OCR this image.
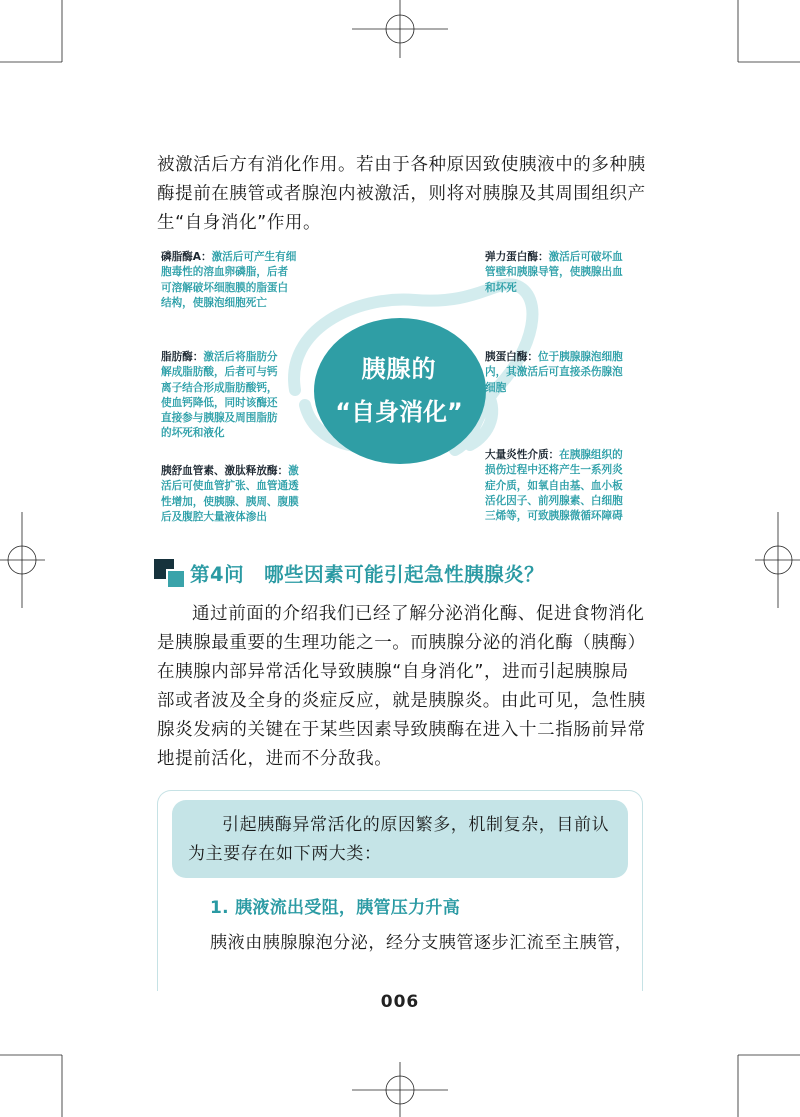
被激活后方有消化作用。若由于各种原因致使胰液中的多种胰
酶提前在胰管或者腺泡内被激活，则将对胰腺及其周围组织产
生“自身消化”作用。

胰腺的
“自身消化”

磷脂酶A：激活后可产生有细
胞毒性的溶血卵磷脂，后者
可溶解破坏细胞膜的脂蛋白
结构，使腺泡细胞死亡

弹力蛋白酶：激活后可破坏血
管壁和胰腺导管，使胰腺出血
和坏死

脂肪酶：激活后将脂肪分
解成脂肪酸，后者可与钙
离子结合形成脂肪酸钙，
使血钙降低，同时该酶还
直接参与胰腺及周围脂肪
的坏死和液化

胰蛋白酶：位于胰腺腺泡细胞
内，其激活后可直接杀伤腺泡
细胞

胰舒血管素、激肽释放酶：激
活后可使血管扩张、血管通透
性增加，使胰腺、胰周、腹膜
后及腹腔大量液体渗出

大量炎性介质：在胰腺组织的
损伤过程中还将产生一系列炎
症介质，如氧自由基、血小板
活化因子、前列腺素、白细胞
三烯等，可致胰腺微循环障碍

第4问　哪些因素可能引起急性胰腺炎？

通过前面的介绍我们已经了解分泌消化酶、促进食物消化
是胰腺最重要的生理功能之一。而胰腺分泌的消化酶（胰酶）
在胰腺内部异常活化导致胰腺“自身消化”，进而引起胰腺局
部或者波及全身的炎症反应，就是胰腺炎。由此可见，急性胰
腺炎发病的关键在于某些因素导致胰酶在进入十二指肠前异常
地提前活化，进而不分敌我。

引起胰酶异常活化的原因繁多，机制复杂，目前认
为主要存在如下两大类：

1. 胰液流出受阻，胰管压力升高

胰液由胰腺腺泡分泌，经分支胰管逐步汇流至主胰管，

006
